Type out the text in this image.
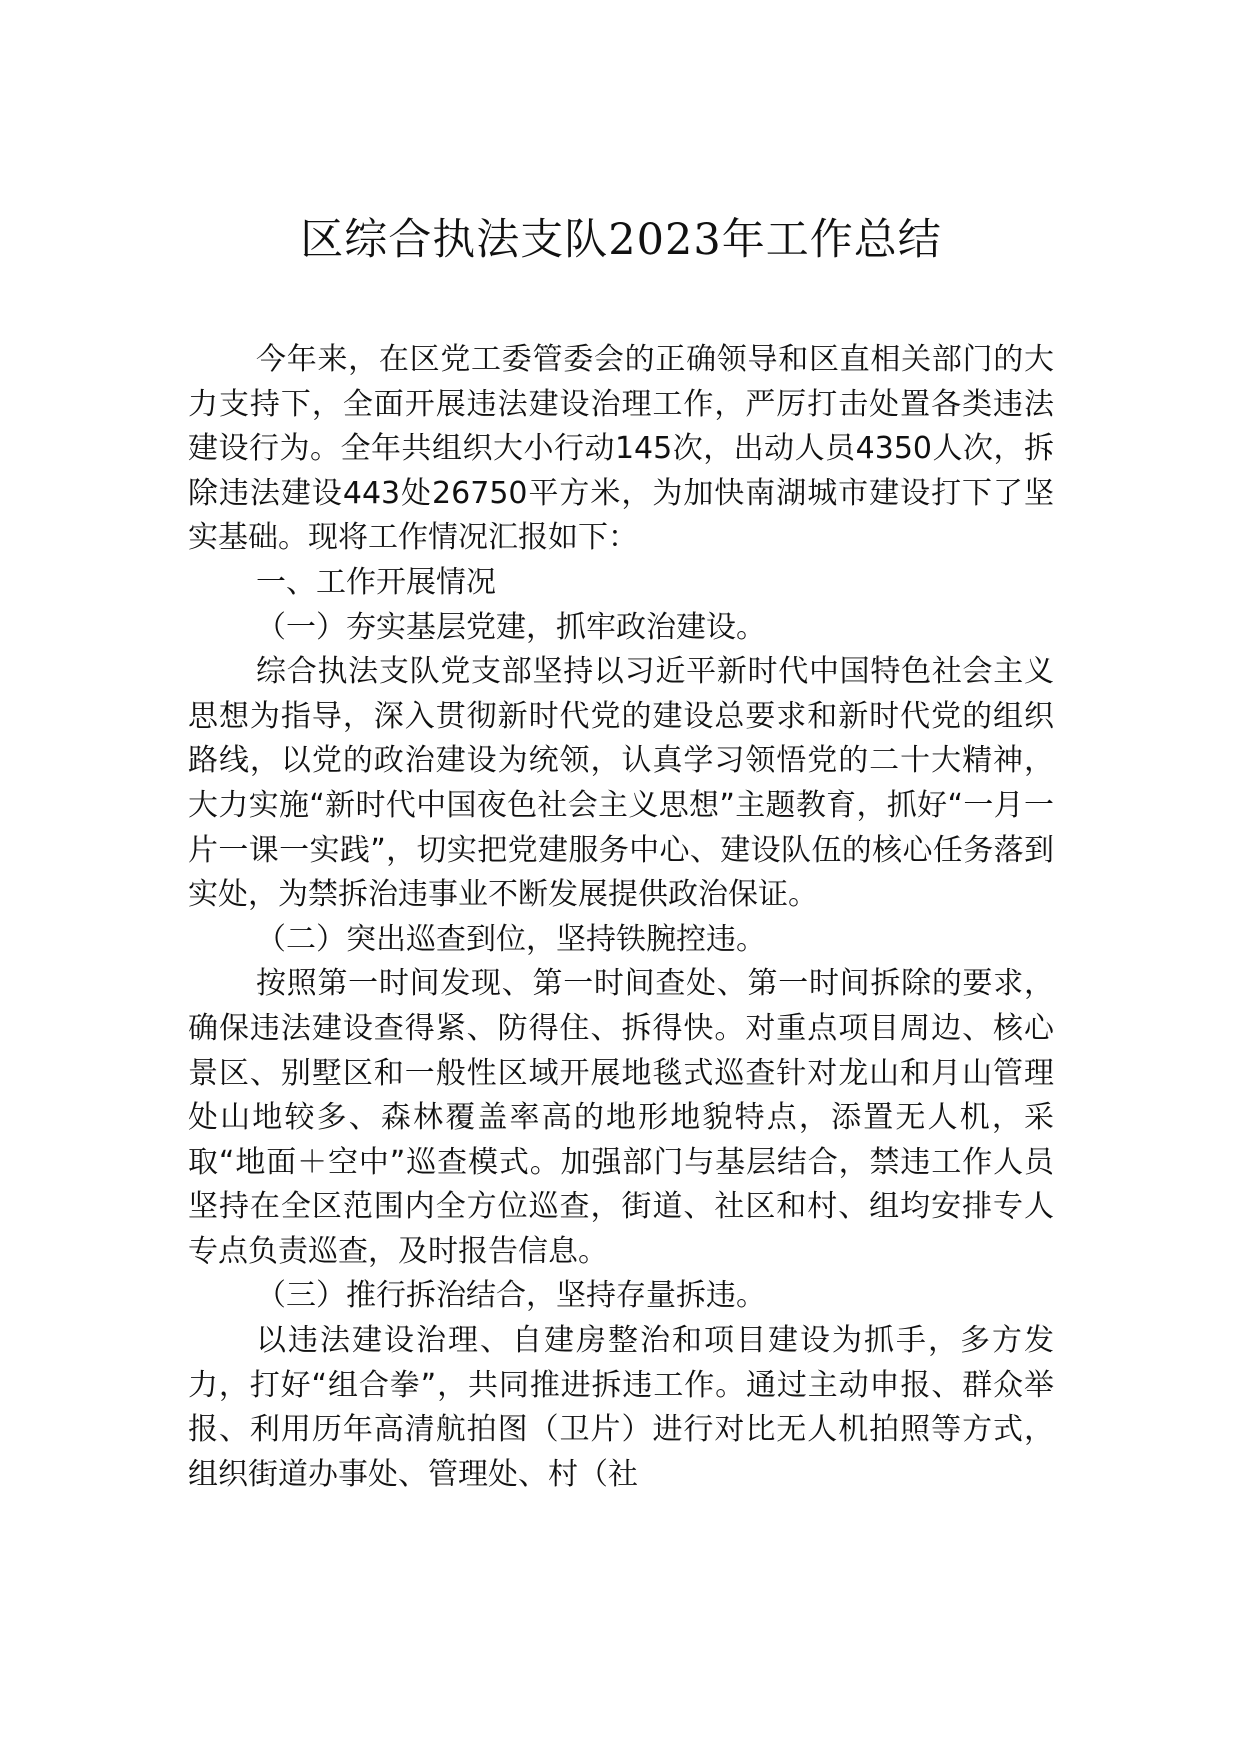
区综合执法支队2023年工作总结

今年来，在区党工委管委会的正确领导和区直相关部门的大力支持下，全面开展违法建设治理工作，严厉打击处置各类违法建设行为。全年共组织大小行动145次，出动人员4350人次，拆除违法建设443处26750平方米，为加快南湖城市建设打下了坚实基础。现将工作情况汇报如下：

一、工作开展情况

（一）夯实基层党建，抓牢政治建设。

综合执法支队党支部坚持以习近平新时代中国特色社会主义思想为指导，深入贯彻新时代党的建设总要求和新时代党的组织路线，以党的政治建设为统领，认真学习领悟党的二十大精神，大力实施“新时代中国夜色社会主义思想”主题教育，抓好“一月一片一课一实践”，切实把党建服务中心、建设队伍的核心任务落到实处，为禁拆治违事业不断发展提供政治保证。

（二）突出巡查到位，坚持铁腕控违。

按照第一时间发现、第一时间查处、第一时间拆除的要求，确保违法建设查得紧、防得住、拆得快。对重点项目周边、核心景区、别墅区和一般性区域开展地毯式巡查针对龙山和月山管理处山地较多、森林覆盖率高的地形地貌特点，添置无人机，采取“地面＋空中”巡查模式。加强部门与基层结合，禁违工作人员坚持在全区范围内全方位巡查，街道、社区和村、组均安排专人专点负责巡查，及时报告信息。

（三）推行拆治结合，坚持存量拆违。

以违法建设治理、自建房整治和项目建设为抓手，多方发力，打好“组合拳”，共同推进拆违工作。通过主动申报、群众举报、利用历年高清航拍图（卫片）进行对比无人机拍照等方式，组织街道办事处、管理处、村（社
